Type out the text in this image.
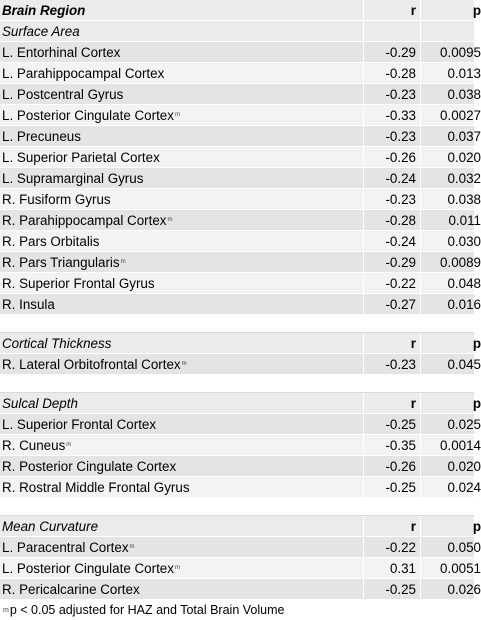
Brain Region	r	p
Surface Area
L. Entorhinal Cortex	-0.29	0.0095
L. Parahippocampal Cortex	-0.28	0.013
L. Postcentral Gyrus	-0.23	0.038
L. Posterior Cingulate Cortex m	-0.33	0.0027
L. Precuneus	-0.23	0.037
L. Superior Parietal Cortex	-0.26	0.020
L. Supramarginal Gyrus	-0.24	0.032
R. Fusiform Gyrus	-0.23	0.038
R. Parahippocampal Cortex m	-0.28	0.011
R. Pars Orbitalis	-0.24	0.030
R. Pars Triangularis m	-0.29	0.0089
R. Superior Frontal Gyrus	-0.22	0.048
R. Insula	-0.27	0.016
Cortical Thickness	r	p
R. Lateral Orbitofrontal Cortex m	-0.23	0.045
Sulcal Depth	r	p
L. Superior Frontal Cortex	-0.25	0.025
R. Cuneus m	-0.35	0.0014
R. Posterior Cingulate Cortex	-0.26	0.020
R. Rostral Middle Frontal Gyrus	-0.25	0.024
Mean Curvature	r	p
L. Paracentral Cortex m	-0.22	0.050
L. Posterior Cingulate Cortex m	0.31	0.0051
R. Pericalcarine Cortex	-0.25	0.026
m p < 0.05 adjusted for HAZ and Total Brain Volume
